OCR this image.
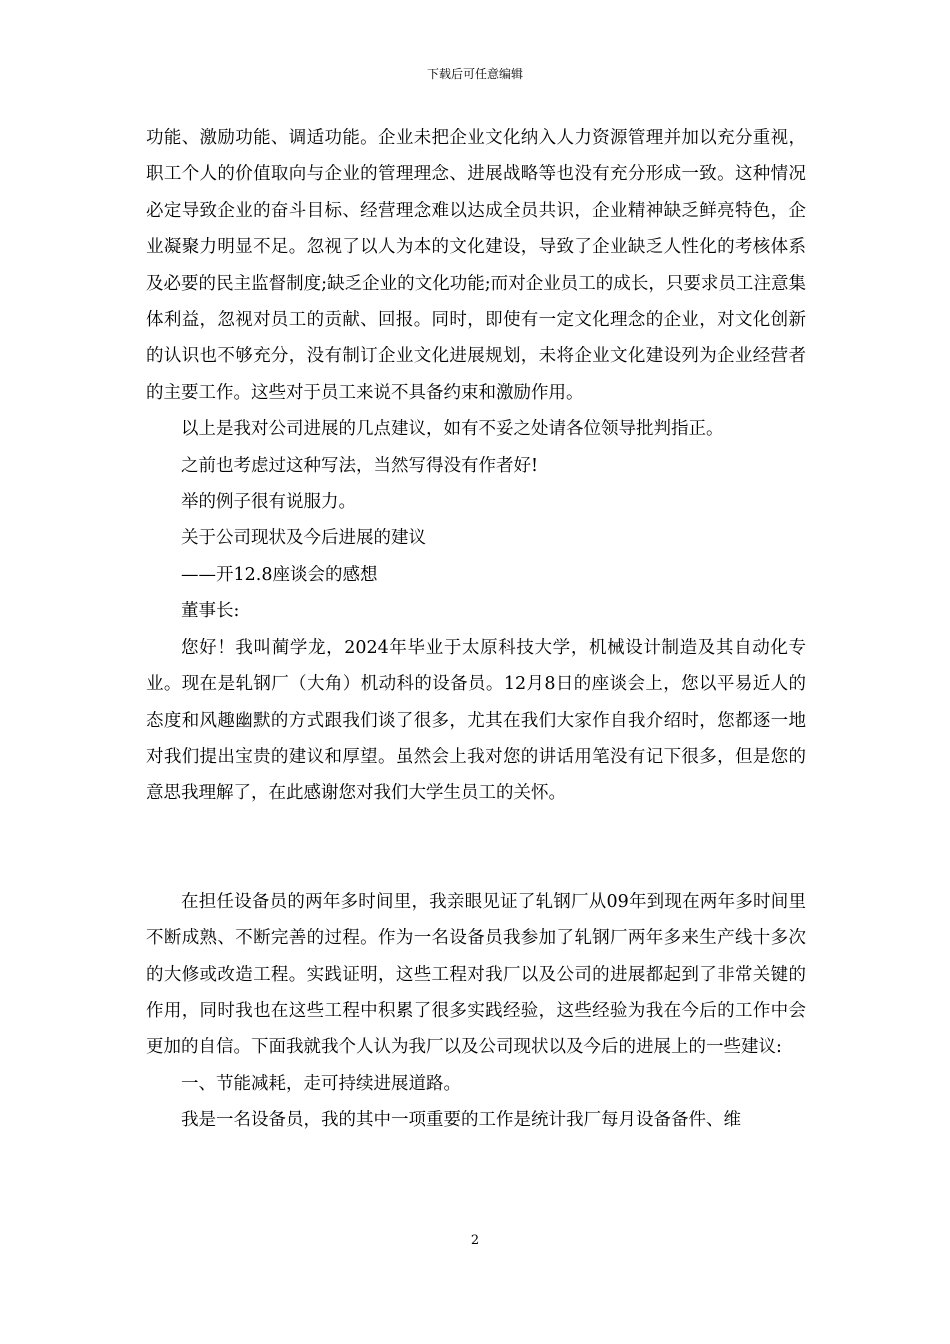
下载后可任意编辑

功能、激励功能、调适功能。企业未把企业文化纳入人力资源管理并加以充分重视，职工个人的价值取向与企业的管理理念、进展战略等也没有充分形成一致。这种情况必定导致企业的奋斗目标、经营理念难以达成全员共识，企业精神缺乏鲜亮特色，企业凝聚力明显不足。忽视了以人为本的文化建设，导致了企业缺乏人性化的考核体系及必要的民主监督制度;缺乏企业的文化功能;而对企业员工的成长，只要求员工注意集体利益，忽视对员工的贡献、回报。同时，即使有一定文化理念的企业，对文化创新的认识也不够充分，没有制订企业文化进展规划，未将企业文化建设列为企业经营者的主要工作。这些对于员工来说不具备约束和激励作用。

以上是我对公司进展的几点建议，如有不妥之处请各位领导批判指正。

之前也考虑过这种写法，当然写得没有作者好!

举的例子很有说服力。

关于公司现状及今后进展的建议

——开12.8座谈会的感想

董事长:

您好！我叫蔺学龙，2024年毕业于太原科技大学，机械设计制造及其自动化专业。现在是轧钢厂（大角）机动科的设备员。12月8日的座谈会上，您以平易近人的态度和风趣幽默的方式跟我们谈了很多，尤其在我们大家作自我介绍时，您都逐一地对我们提出宝贵的建议和厚望。虽然会上我对您的讲话用笔没有记下很多，但是您的意思我理解了，在此感谢您对我们大学生员工的关怀。

在担任设备员的两年多时间里，我亲眼见证了轧钢厂从09年到现在两年多时间里不断成熟、不断完善的过程。作为一名设备员我参加了轧钢厂两年多来生产线十多次的大修或改造工程。实践证明，这些工程对我厂以及公司的进展都起到了非常关键的作用，同时我也在这些工程中积累了很多实践经验，这些经验为我在今后的工作中会更加的自信。下面我就我个人认为我厂以及公司现状以及今后的进展上的一些建议:

一、节能减耗，走可持续进展道路。

我是一名设备员，我的其中一项重要的工作是统计我厂每月设备备件、维

2
